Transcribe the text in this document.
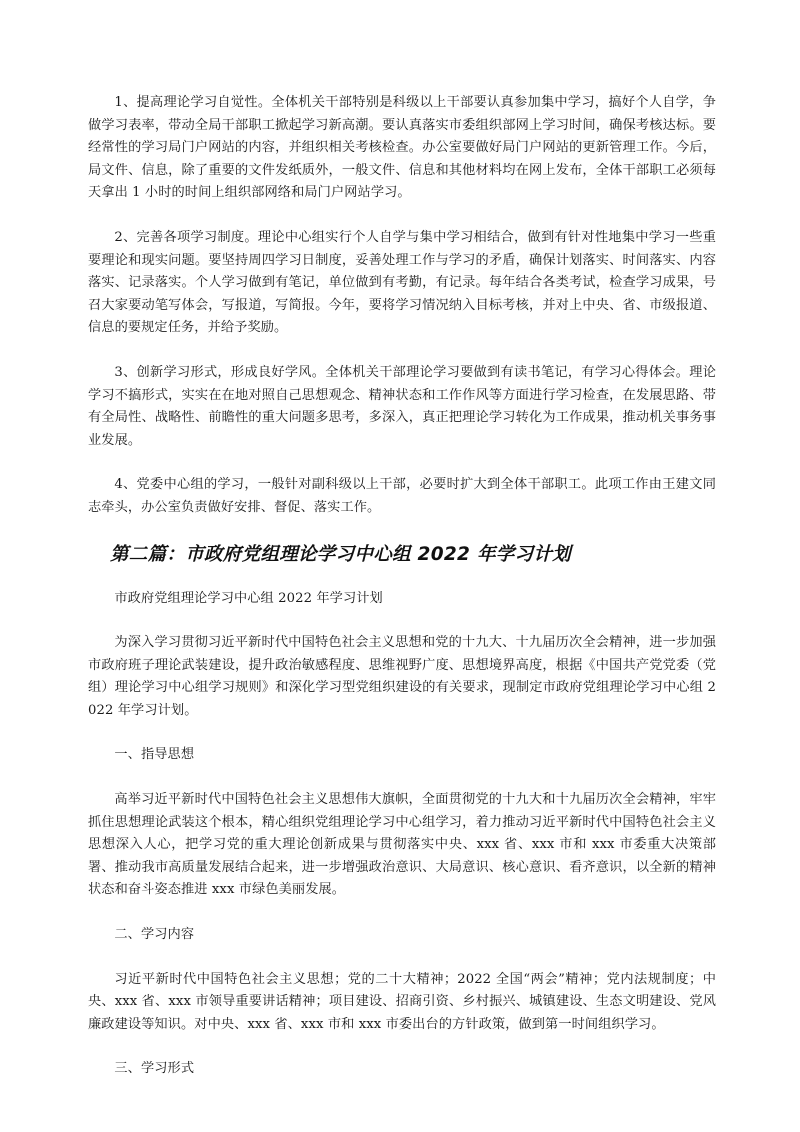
1、提高理论学习自觉性。全体机关干部特别是科级以上干部要认真参加集中学习，搞好个人自学，争做学习表率，带动全局干部职工掀起学习新高潮。要认真落实市委组织部网上学习时间，确保考核达标。要经常性的学习局门户网站的内容，并组织相关考核检查。办公室要做好局门户网站的更新管理工作。今后，局文件、信息，除了重要的文件发纸质外，一般文件、信息和其他材料均在网上发布，全体干部职工必须每天拿出 1 小时的时间上组织部网络和局门户网站学习。

2、完善各项学习制度。理论中心组实行个人自学与集中学习相结合，做到有针对性地集中学习一些重要理论和现实问题。要坚持周四学习日制度，妥善处理工作与学习的矛盾，确保计划落实、时间落实、内容落实、记录落实。个人学习做到有笔记，单位做到有考勤，有记录。每年结合各类考试，检查学习成果，号召大家要动笔写体会，写报道，写简报。今年，要将学习情况纳入目标考核，并对上中央、省、市级报道、信息的要规定任务，并给予奖励。

3、创新学习形式，形成良好学风。全体机关干部理论学习要做到有读书笔记，有学习心得体会。理论学习不搞形式，实实在在地对照自己思想观念、精神状态和工作作风等方面进行学习检查，在发展思路、带有全局性、战略性、前瞻性的重大问题多思考，多深入，真正把理论学习转化为工作成果，推动机关事务事业发展。

4、党委中心组的学习，一般针对副科级以上干部，必要时扩大到全体干部职工。此项工作由王建文同志牵头，办公室负责做好安排、督促、落实工作。

第二篇：市政府党组理论学习中心组 2022 年学习计划

市政府党组理论学习中心组 2022 年学习计划

为深入学习贯彻习近平新时代中国特色社会主义思想和党的十九大、十九届历次全会精神，进一步加强市政府班子理论武装建设，提升政治敏感程度、思维视野广度、思想境界高度，根据《中国共产党党委（党组）理论学习中心组学习规则》和深化学习型党组织建设的有关要求，现制定市政府党组理论学习中心组 2022 年学习计划。

一、指导思想

高举习近平新时代中国特色社会主义思想伟大旗帜，全面贯彻党的十九大和十九届历次全会精神，牢牢抓住思想理论武装这个根本，精心组织党组理论学习中心组学习，着力推动习近平新时代中国特色社会主义思想深入人心，把学习党的重大理论创新成果与贯彻落实中央、xxx 省、xxx 市和 xxx 市委重大决策部署、推动我市高质量发展结合起来，进一步增强政治意识、大局意识、核心意识、看齐意识，以全新的精神状态和奋斗姿态推进 xxx 市绿色美丽发展。

二、学习内容

习近平新时代中国特色社会主义思想；党的二十大精神；2022 全国“两会”精神；党内法规制度；中央、xxx 省、xxx 市领导重要讲话精神；项目建设、招商引资、乡村振兴、城镇建设、生态文明建设、党风廉政建设等知识。对中央、xxx 省、xxx 市和 xxx 市委出台的方针政策，做到第一时间组织学习。

三、学习形式
